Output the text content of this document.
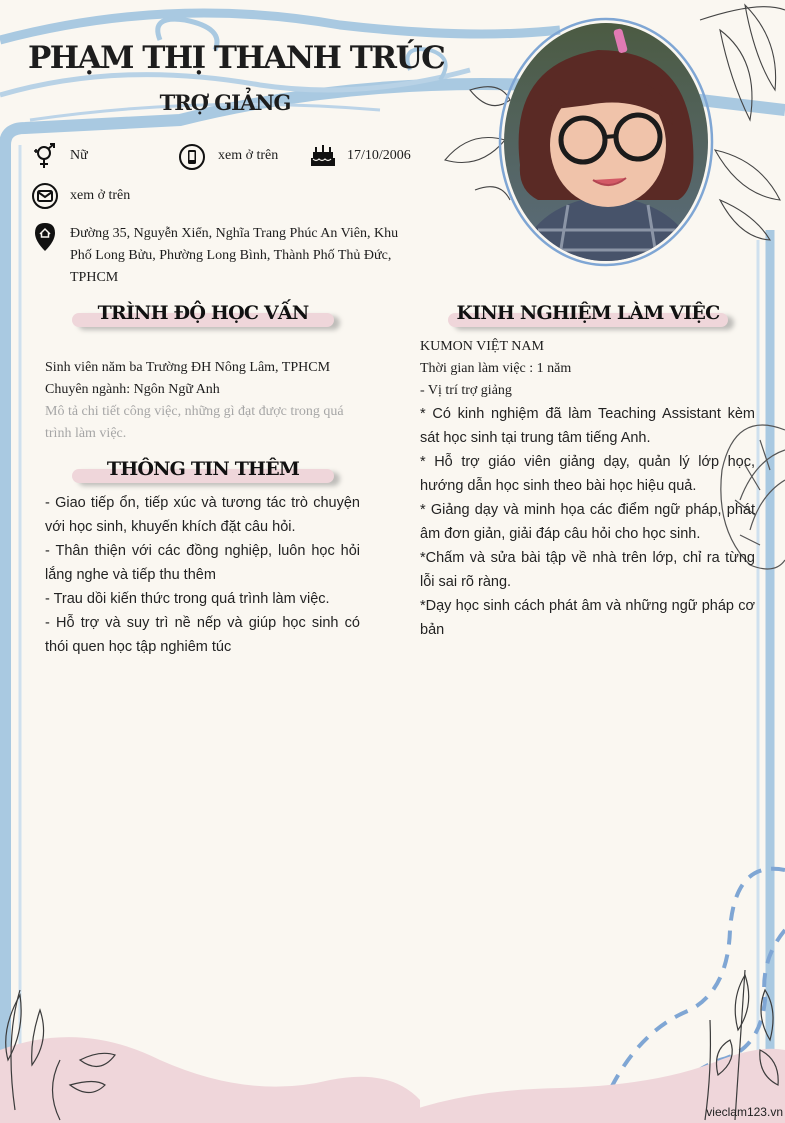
PHẠM THỊ THANH TRÚC
TRỢ GIẢNG
Nữ	xem ở trên	17/10/2006
xem ở trên
Đường 35, Nguyễn Xiển, Nghĩa Trang Phúc An Viên, Khu Phố Long Bửu, Phường Long Bình, Thành Phố Thủ Đức, TPHCM
TRÌNH ĐỘ HỌC VẤN
Sinh viên năm ba Trường ĐH Nông Lâm, TPHCM
Chuyên ngành: Ngôn Ngữ Anh
Mô tả chi tiết công việc, những gì đạt được trong quá trình làm việc.
THÔNG TIN THÊM

- Giao tiếp ổn, tiếp xúc và tương tác trò chuyện với học sinh, khuyến khích đặt câu hỏi.

- Thân thiện với các đồng nghiệp, luôn học hỏi lắng nghe và tiếp thu thêm

- Trau dồi kiến thức trong quá trình làm việc.

- Hỗ trợ và suy trì nề nếp và giúp học sinh có thói quen học tập nghiêm túc

KINH NGHIỆM LÀM VIỆC
KUMON VIỆT NAM
Thời gian làm việc : 1 năm
- Vị trí trợ giảng

* Có kinh nghiệm đã làm Teaching Assistant kèm sát học sinh tại trung tâm tiếng Anh.

* Hỗ trợ giáo viên giảng dạy, quản lý lớp học, hướng dẫn học sinh theo bài học hiệu quả.

* Giảng dạy và minh họa các điểm ngữ pháp, phát âm đơn giản, giải đáp câu hỏi cho học sinh.

*Chấm và sửa bài tập về nhà trên lớp, chỉ ra từng lỗi sai rõ ràng.

*Dạy học sinh cách phát âm và những ngữ pháp cơ bản

vieclam123.vn
